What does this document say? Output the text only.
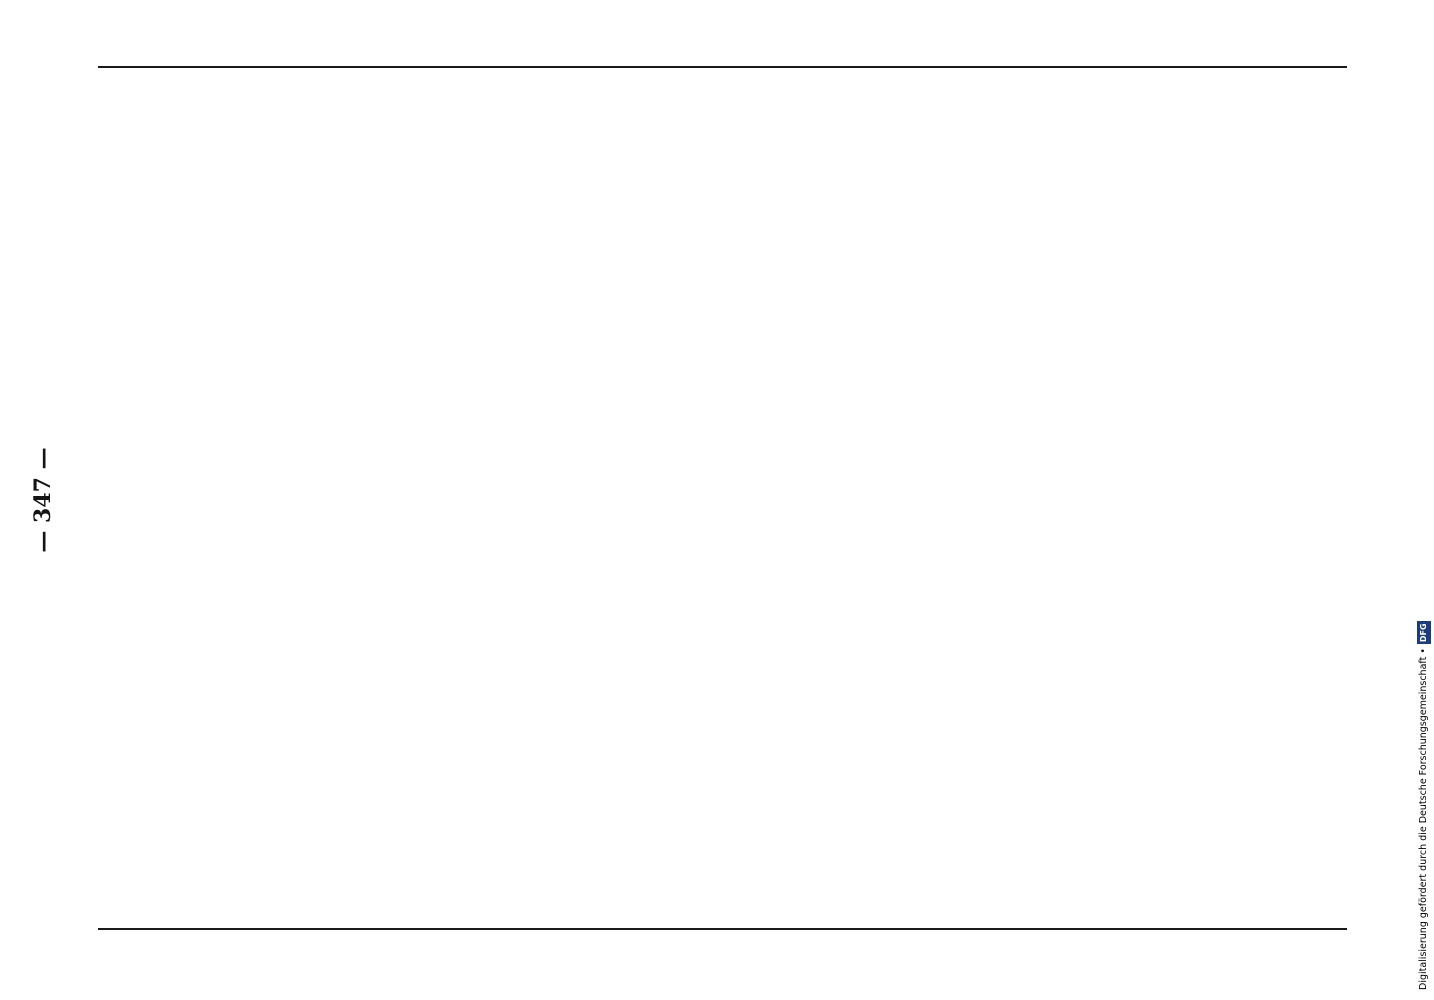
— 347 —
Digitalisierung gefördert durch die Deutsche Forschungsgemeinschaft •DFG
